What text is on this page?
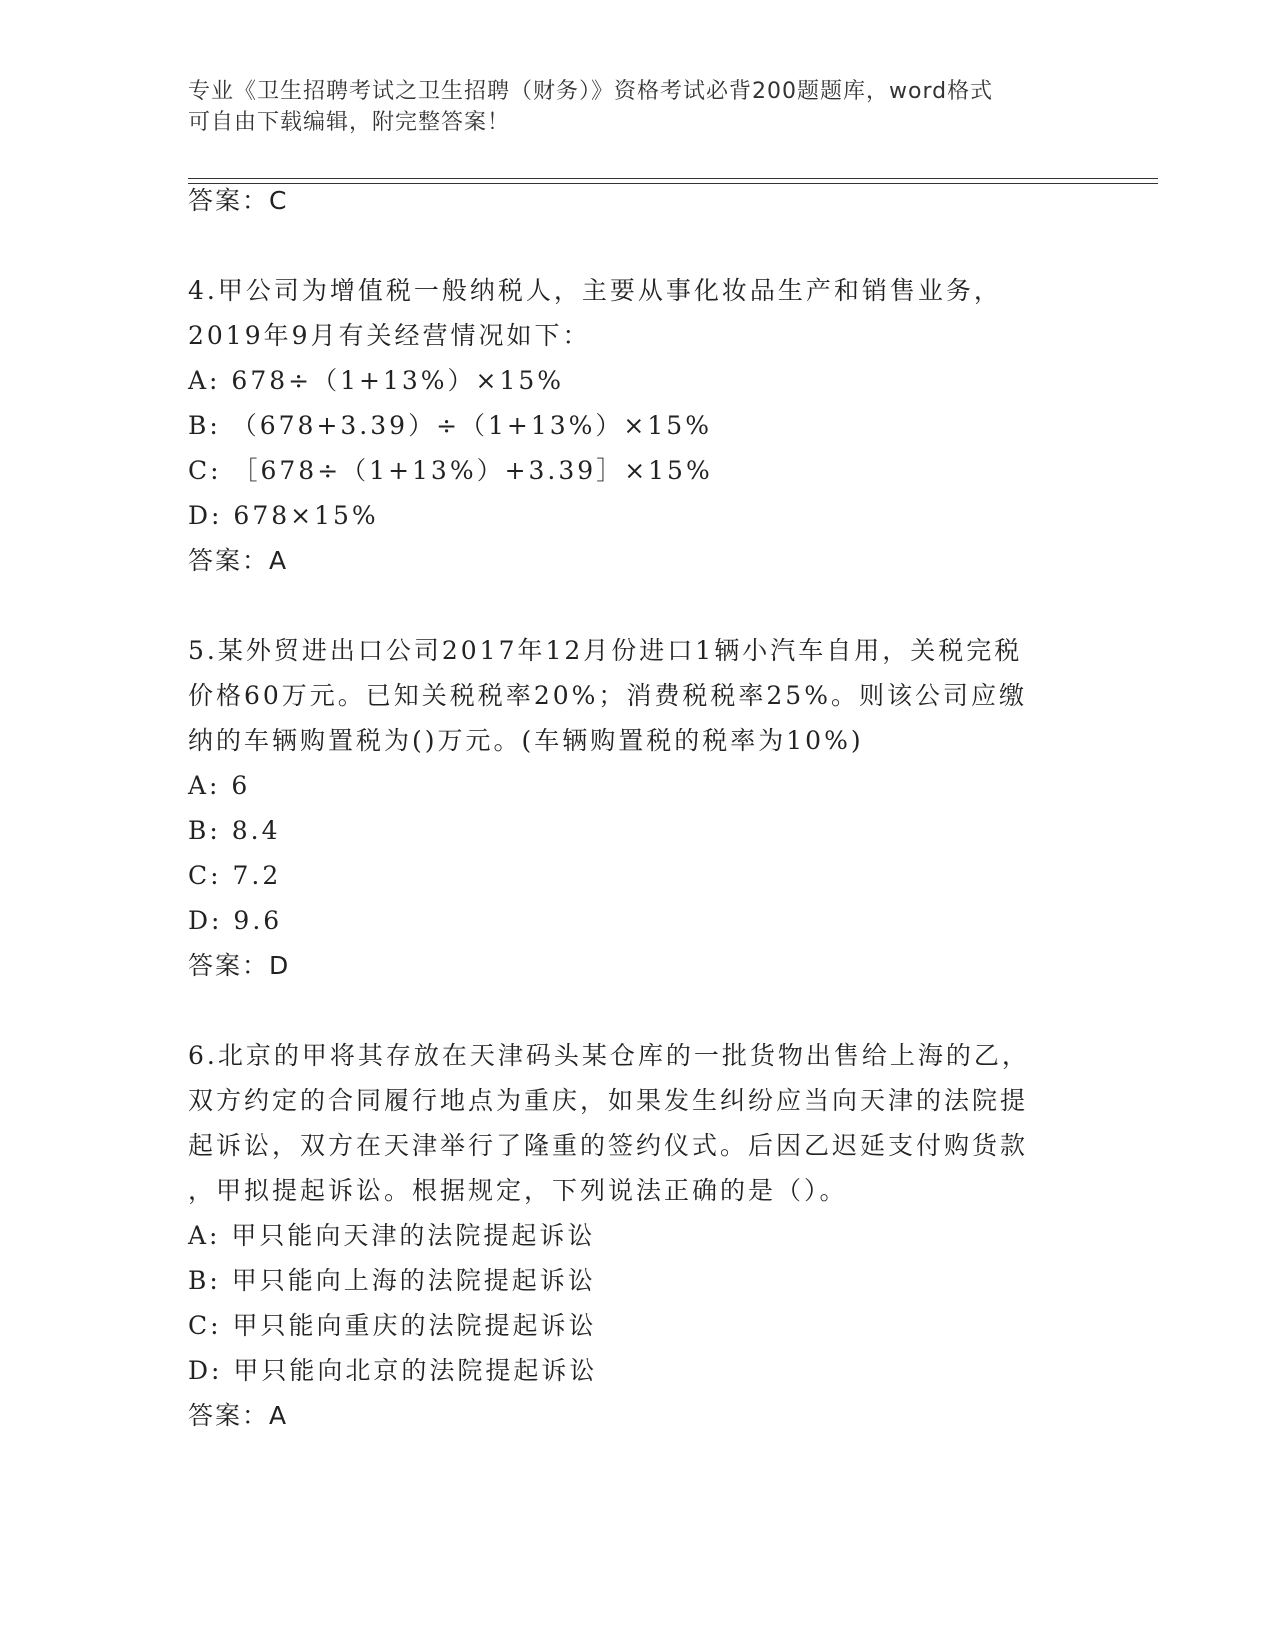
专业《卫生招聘考试之卫生招聘（财务）》资格考试必背200题题库，word格式
可自由下载编辑，附完整答案！
答案：C
4.甲公司为增值税一般纳税人，主要从事化妆品生产和销售业务，
2019年9月有关经营情况如下：
A: 678÷（1+13%）×15%
B: （678+3.39）÷（1+13%）×15%
C: ［678÷（1+13%）+3.39］×15%
D: 678×15%
答案：A
5.某外贸进出口公司2017年12月份进口1辆小汽车自用，关税完税
价格60万元。已知关税税率20%；消费税税率25%。则该公司应缴
纳的车辆购置税为()万元。(车辆购置税的税率为10%)
A: 6
B: 8.4
C: 7.2
D: 9.6
答案：D
6.北京的甲将其存放在天津码头某仓库的一批货物出售给上海的乙，
双方约定的合同履行地点为重庆，如果发生纠纷应当向天津的法院提
起诉讼，双方在天津举行了隆重的签约仪式。后因乙迟延支付购货款
，甲拟提起诉讼。根据规定，下列说法正确的是（）。
A: 甲只能向天津的法院提起诉讼
B: 甲只能向上海的法院提起诉讼
C: 甲只能向重庆的法院提起诉讼
D: 甲只能向北京的法院提起诉讼
答案：A
